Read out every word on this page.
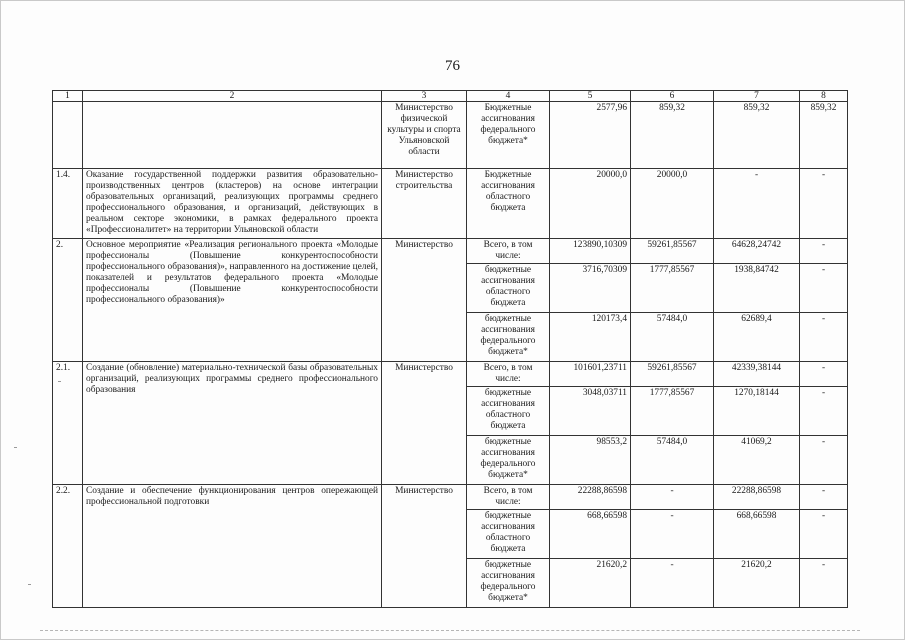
76
1	2	3	4	5	6	7	8
		Министерство физической культуры и спорта Ульяновской области	Бюджетные ассигнования федерального бюджета*	2577,96	859,32	859,32	859,32
1.4.	Оказание государственной поддержки развития образовательно-производственных центров (кластеров) на основе интеграции образовательных организаций, реализующих программы среднего профессионального образования, и организаций, действующих в реальном секторе экономики, в рамках федерального проекта «Профессионалитет» на территории Ульяновской области	Министерство строительства	Бюджетные ассигнования областного бюджета	20000,0	20000,0	-	-
2.	Основное мероприятие «Реализация регионального проекта «Молодые профессионалы (Повышение конкурентоспособности профессионального образования)», направленного на достижение целей, показателей и результатов федерального проекта «Молодые профессионалы (Повышение конкурентоспособности профессионального образования)»	Министерство	Всего, в том числе:	123890,10309	59261,85567	64628,24742	-
			бюджетные ассигнования областного бюджета	3716,70309	1777,85567	1938,84742	-
			бюджетные ассигнования федерального бюджета*	120173,4	57484,0	62689,4	-
2.1.	Создание (обновление) материально-технической базы образовательных организаций, реализующих программы среднего профессионального образования	Министерство	Всего, в том числе:	101601,23711	59261,85567	42339,38144	-
			бюджетные ассигнования областного бюджета	3048,03711	1777,85567	1270,18144	-
			бюджетные ассигнования федерального бюджета*	98553,2	57484,0	41069,2	-
2.2.	Создание и обеспечение функционирования центров опережающей профессиональной подготовки	Министерство	Всего, в том числе:	22288,86598	-	22288,86598	-
			бюджетные ассигнования областного бюджета	668,66598	-	668,66598	-
			бюджетные ассигнования федерального бюджета*	21620,2	-	21620,2	-
